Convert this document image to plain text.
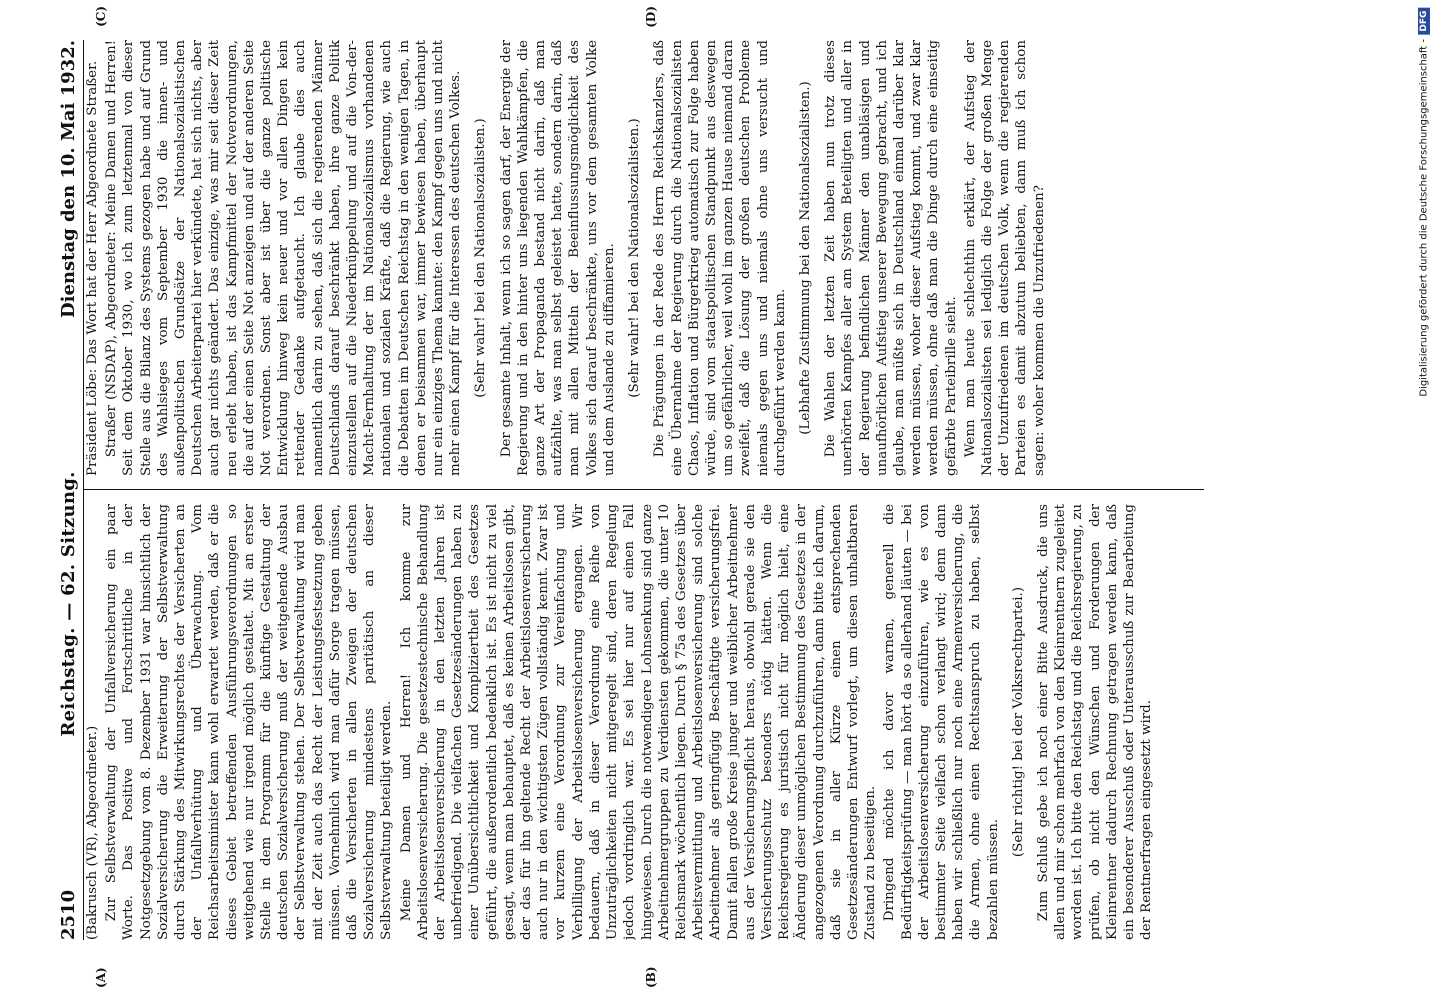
2510
Reichstag. — 62. Sitzung.
Dienstag den 10. Mai 1932.

(Bakrusch (VR), Abgeordneter.) Zur Selbstverwaltung der Unfallversicherung ein paar Worte. Das Positive und Fortschrittliche in der Notgesetzgebung vom 8. Dezember 1931 war hinsichtlich der Sozialversicherung die Erweiterung der Selbstverwaltung durch Stärkung des Mitwirkungsrechtes der Versicherten an der Unfallverhütung und Überwachung. Vom Reichsarbeitsminister kann wohl erwartet werden, daß er die dieses Gebiet betreffenden Ausführungsverordnungen so weitgehend wie nur irgend möglich gestaltet. Mit an erster Stelle in dem Programm für die künftige Gestaltung der deutschen Sozialversicherung muß der weitgehende Ausbau der Selbstverwaltung stehen. Der Selbstverwaltung wird man mit der Zeit auch das Recht der Leistungsfestsetzung geben müssen. Vornehmlich wird man dafür Sorge tragen müssen, daß die Versicherten in allen Zweigen der deutschen Sozialversicherung mindestens paritätisch an dieser Selbstverwaltung beteiligt werden. Meine Damen und Herren! Ich komme zur Arbeitslosenversicherung. Die gesetzestechnische Behandlung der Arbeitslosenversicherung in den letzten Jahren ist unbefriedigend. Die vielfachen Gesetzesänderungen haben zu einer Unübersichtlichkeit und Kompliziertheit des Gesetzes geführt, die außerordentlich bedenklich ist. Es ist nicht zu viel gesagt, wenn man behauptet, daß es keinen Arbeitslosen gibt, der das für ihn geltende Recht der Arbeitslosenversicherung auch nur in den wichtigsten Zügen vollständig kennt. Zwar ist vor kurzem eine Verordnung zur Vereinfachung und Verbilligung der Arbeitslosenversicherung ergangen. Wir bedauern, daß in dieser Verordnung eine Reihe von Unzuträglichkeiten nicht mitgeregelt sind, deren Regelung jedoch vordringlich war. Es sei hier nur auf einen Fall hingewiesen. Durch die notwendigere Lohnsenkung sind ganze Arbeitnehmergruppen zu Verdiensten gekommen, die unter 10 Reichsmark wöchentlich liegen. Durch § 75a des Gesetzes über Arbeitsvermittlung und Arbeitslosenversicherung sind solche Arbeitnehmer als geringfügig Beschäftigte versicherungsfrei. Damit fallen große Kreise junger und weiblicher Arbeitnehmer aus der Versicherungspflicht heraus, obwohl gerade sie den Versicherungsschutz besonders nötig hätten. Wenn die Reichsregierung es juristisch nicht für möglich hielt, eine Änderung dieser unmöglichen Bestimmung des Gesetzes in der angezogenen Verordnung durchzuführen, dann bitte ich darum, daß sie in aller Kürze einen entsprechenden Gesetzesänderungen Entwurf vorlegt, um diesen unhaltbaren Zustand zu beseitigen. Dringend möchte ich davor warnen, generell die Bedürftigkeitsprüfung — man hört da so allerhand läuten — bei der Arbeitslosenversicherung einzuführen, wie es von bestimmter Seite vielfach schon verlangt wird; denn dann haben wir schließlich nur noch eine Armenversicherung, die die Armen, ohne einen Rechtsanspruch zu haben, selbst bezahlen müssen.

(Sehr richtig! bei der Volksrechtpartei.) Zum Schluß gebe ich noch einer Bitte Ausdruck, die uns allen und mir schon mehrfach von den Kleinrentnern zugeleitet worden ist. Ich bitte den Reichstag und die Reichsregierung, zu prüfen, ob nicht den Wünschen und Forderungen der Kleinrentner dadurch Rechnung getragen werden kann, daß ein besonderer Ausschuß oder Unterausschuß zur Bearbeitung der Rentnerfragen eingesetzt wird.

Präsident Löbe: Das Wort hat der Herr Abgeordnete Straßer. Straßer (NSDAP), Abgeordneter: Meine Damen und Herren! Seit dem Oktober 1930, wo ich zum letztenmal von dieser Stelle aus die Bilanz des Systems gezogen habe und auf Grund des Wahlsieges vom September 1930 die innen- und außenpolitischen Grundsätze der Nationalsozialistischen Deutschen Arbeiterpartei hier verkündete, hat sich nichts, aber auch gar nichts geändert. Das einzige, was mir seit dieser Zeit neu erlebt haben, ist das Kampfmittel der Notverordnungen, die auf der einen Seite Not anzeigen und auf der anderen Seite Not verordnen. Sonst aber ist über die ganze politische Entwicklung hinweg kein neuer und vor allen Dingen kein rettender Gedanke aufgetaucht. Ich glaube dies auch namentlich darin zu sehen, daß sich die regierenden Männer Deutschlands darauf beschränkt haben, ihre ganze Politik einzustellen auf die Niederknüppelung und auf die Von-der-Macht-Fernhaltung der im Nationalsozialismus vorhandenen nationalen und sozialen Kräfte, daß die Regierung, wie auch die Debatten im Deutschen Reichstag in den wenigen Tagen, in denen er beisammen war, immer bewiesen haben, überhaupt nur ein einziges Thema kannte: den Kampf gegen uns und nicht mehr einen Kampf für die Interessen des deutschen Volkes. (Sehr wahr! bei den Nationalsozialisten.) Der gesamte Inhalt, wenn ich so sagen darf, der Energie der Regierung und in den hinter uns liegenden Wahlkämpfen, die ganze Art der Propaganda bestand nicht darin, daß man aufzählte, was man selbst geleistet hatte, sondern darin, daß man mit allen Mitteln der Beeinflussungsmöglichkeit des Volkes sich darauf beschränkte, uns vor dem gesamten Volke und dem Auslande zu diffamieren. (Sehr wahr! bei den Nationalsozialisten.) Die Prägungen in der Rede des Herrn Reichskanzlers, daß eine Übernahme der Regierung durch die Nationalsozialisten Chaos, Inflation und Bürgerkrieg automatisch zur Folge haben würde, sind vom staatspolitischen Standpunkt aus deswegen um so gefährlicher, weil wohl im ganzen Hause niemand daran zweifelt, daß die Lösung der großen deutschen Probleme niemals gegen uns und niemals ohne uns versucht und durchgeführt werden kann. (Lebhafte Zustimmung bei den Nationalsozialisten.) Die Wahlen der letzten Zeit haben nun trotz dieses unerhörten Kampfes aller am System Beteiligten und aller in der Regierung befindlichen Männer den unabläsigen und unaufhörlichen Aufstieg unserer Bewegung gebracht, und ich glaube, man müßte sich in Deutschland einmal darüber klar werden müssen, woher dieser Aufstieg kommt, und zwar klar werden müssen, ohne daß man die Dinge durch eine einseitig gefärbte Parteibrille sieht. Wenn man heute schlechthin erklärt, der Aufstieg der Nationalsozialisten sei lediglich die Folge der großen Menge der Unzufriedenen im deutschen Volk, wenn die regierenden Parteien es damit abzutun beliebten, dann muß ich schon sagen: woher kommen die Unzufriedenen?

(A)	(B)
(C)	(D)
Digitalisierung gefördert durch die Deutsche Forschungsgemeinschaft -
DFG
